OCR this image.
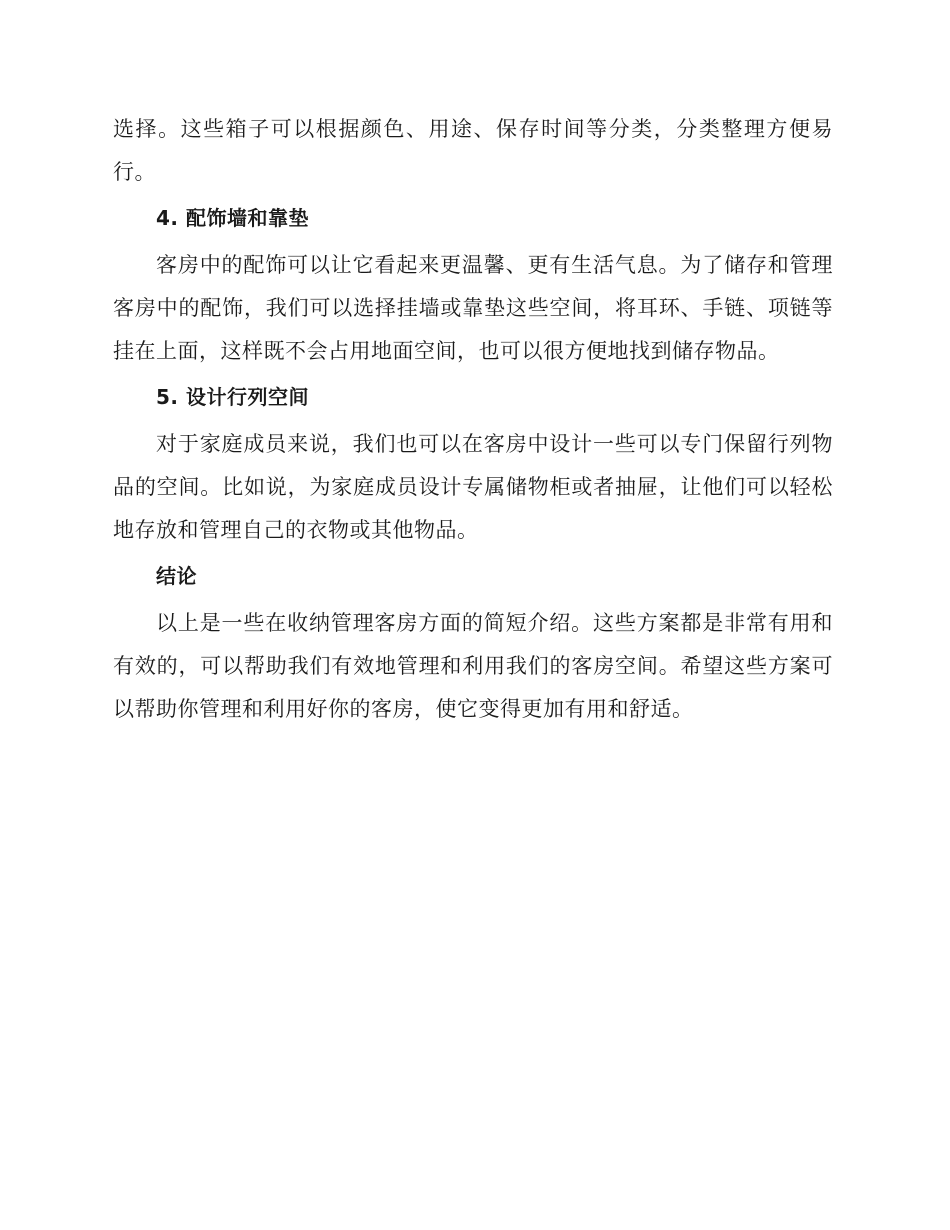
选择。这些箱子可以根据颜色、用途、保存时间等分类，分类整理方便易行。

4. 配饰墙和靠垫

客房中的配饰可以让它看起来更温馨、更有生活气息。为了储存和管理客房中的配饰，我们可以选择挂墙或靠垫这些空间，将耳环、手链、项链等挂在上面，这样既不会占用地面空间，也可以很方便地找到储存物品。

5. 设计行列空间

对于家庭成员来说，我们也可以在客房中设计一些可以专门保留行列物品的空间。比如说，为家庭成员设计专属储物柜或者抽屉，让他们可以轻松地存放和管理自己的衣物或其他物品。

结论

以上是一些在收纳管理客房方面的简短介绍。这些方案都是非常有用和有效的，可以帮助我们有效地管理和利用我们的客房空间。希望这些方案可以帮助你管理和利用好你的客房，使它变得更加有用和舒适。
